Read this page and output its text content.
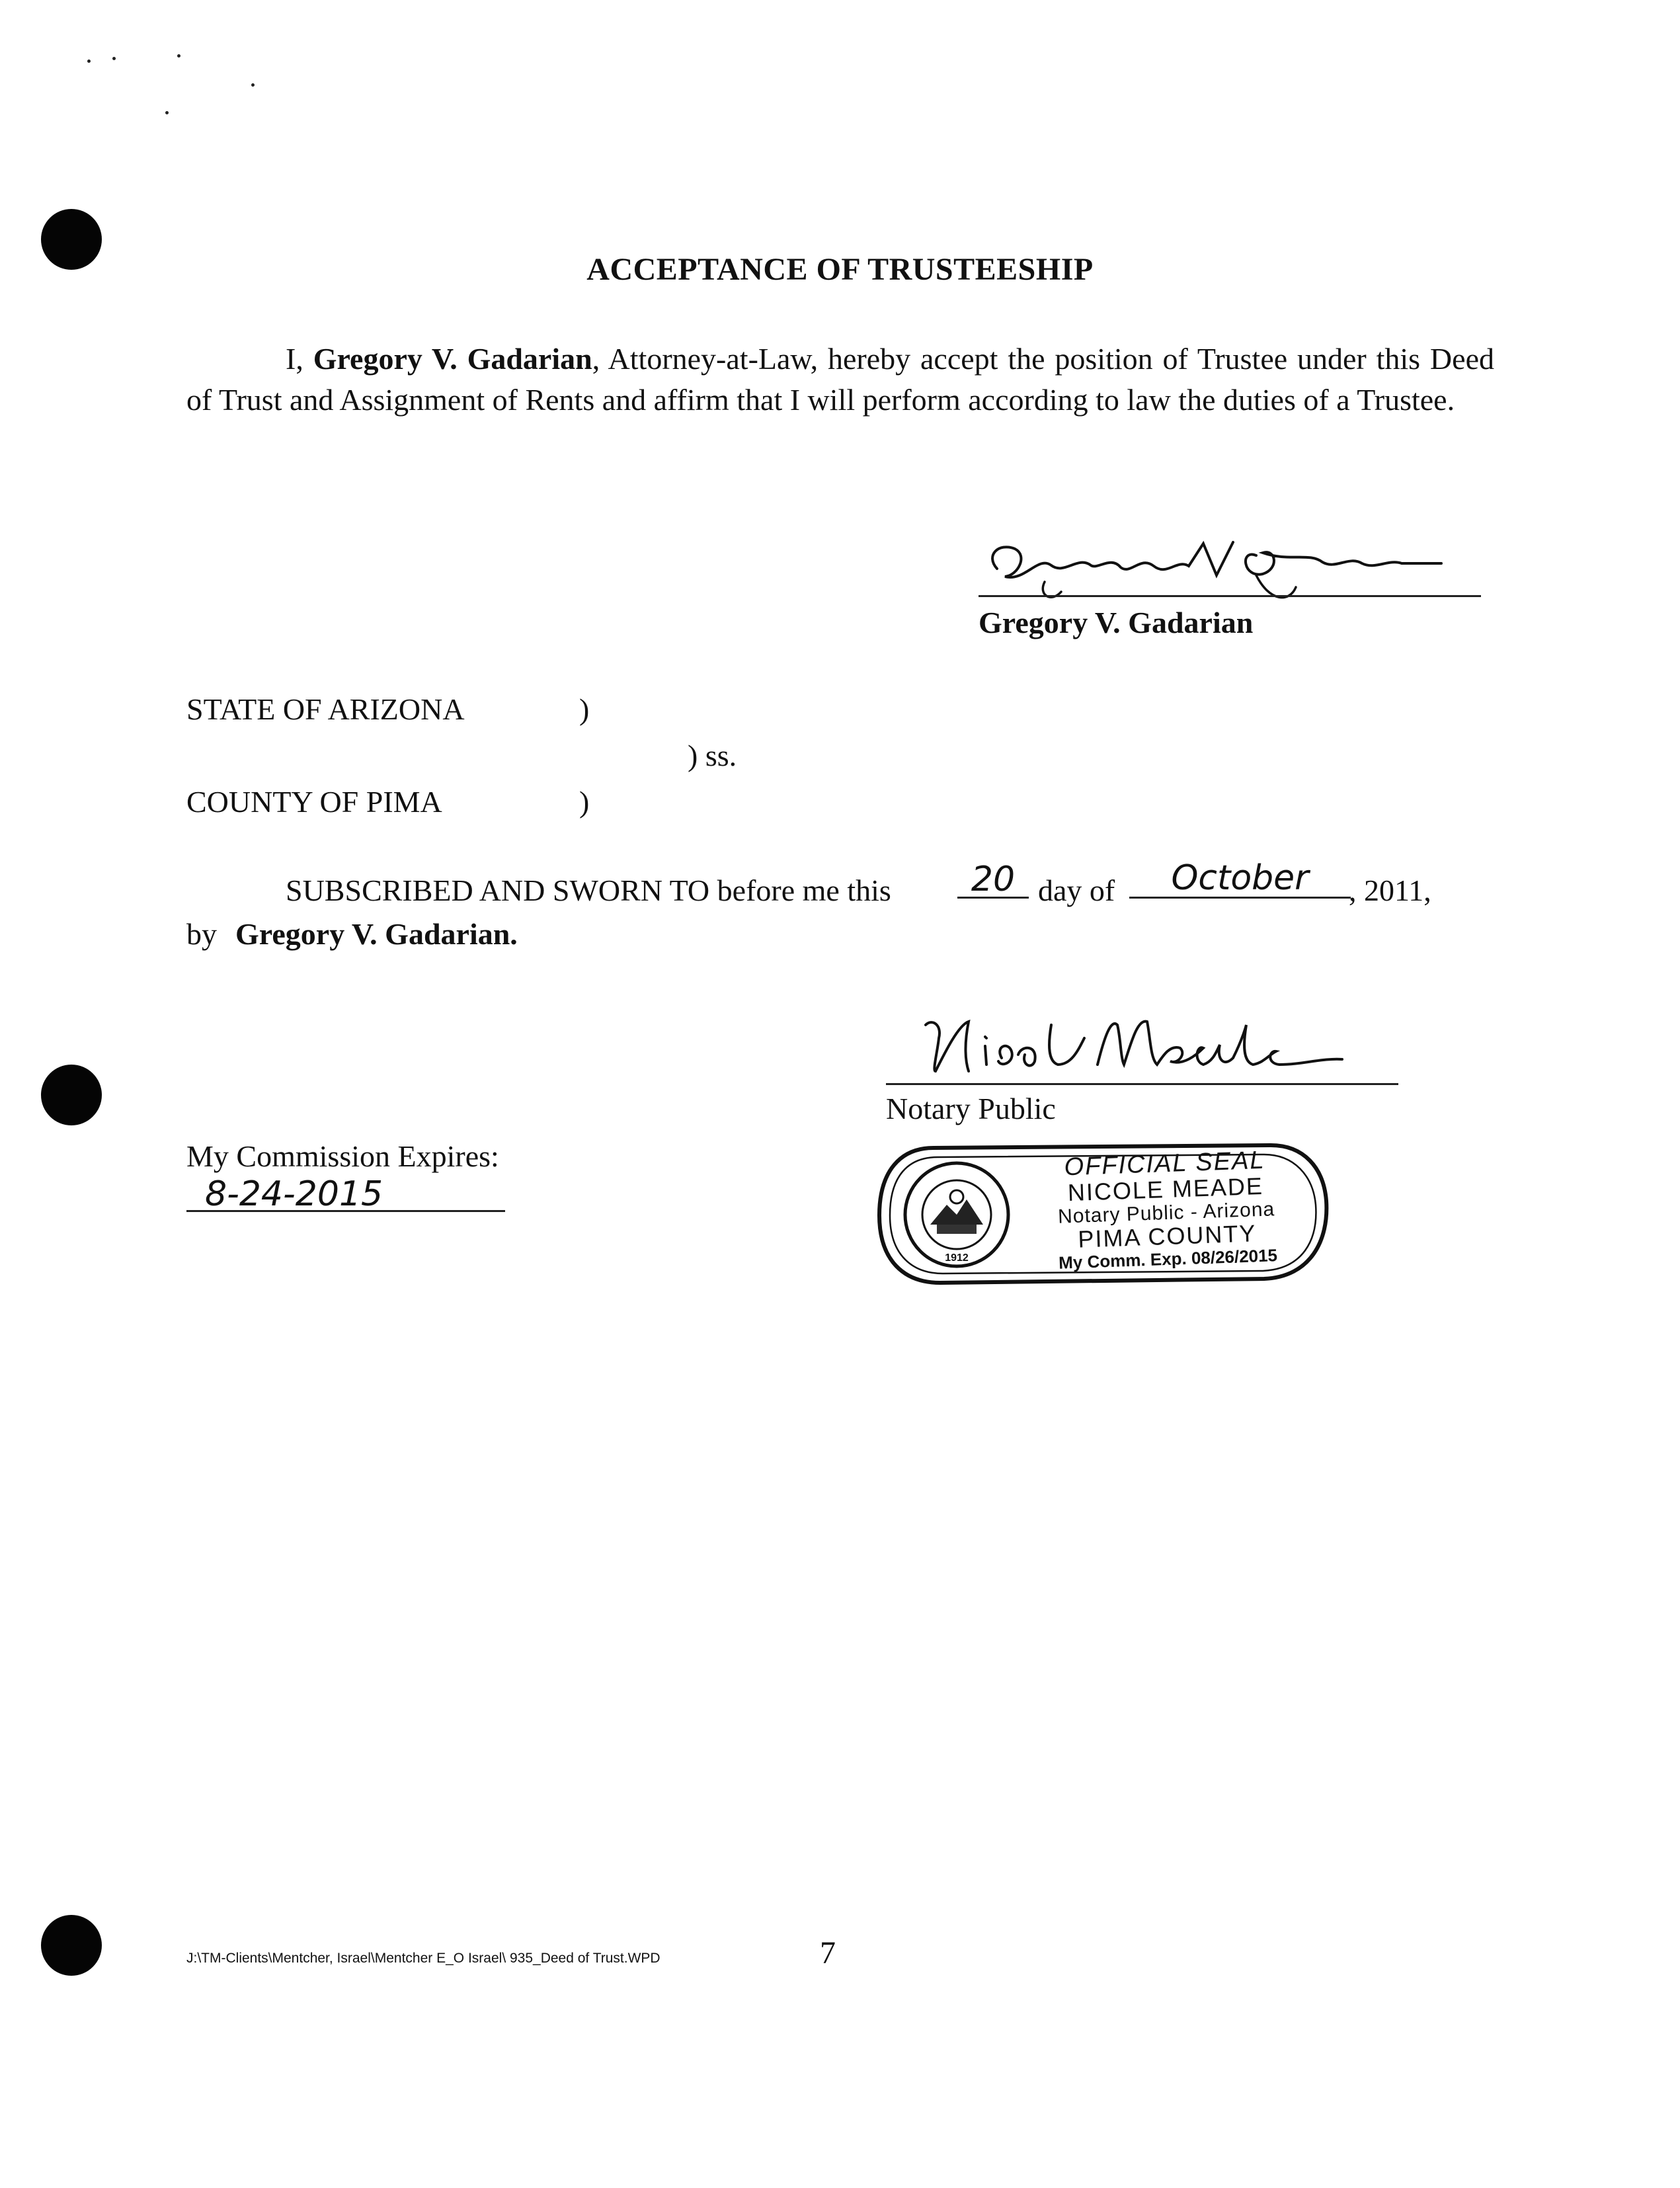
ACCEPTANCE OF TRUSTEESHIP
I, Gregory V. Gadarian, Attorney-at-Law, hereby accept the position of Trustee under this Deed of Trust and Assignment of Rents and affirm that I will perform according to law the duties of a Trustee.
Gregory V Gadarian
Gregory V. Gadarian
STATE OF ARIZONA	)
) ss.
COUNTY OF PIMA	)
SUBSCRIBED AND SWORN TO before me this	20 day of	October	, 2011,
by Gregory V. Gadarian.
Nicole Meade
Notary Public
My Commission Expires:
8-24-2015
GREAT SEAL OF THE STATE OF ARIZONA
1912
OFFICIAL SEAL
NICOLE MEADE
Notary Public - Arizona
PIMA COUNTY
My Comm. Exp. 08/26/2015
J:\TM-Clients\Mentcher, Israel\Mentcher E_O Israel\ 935_Deed of Trust.WPD	7
